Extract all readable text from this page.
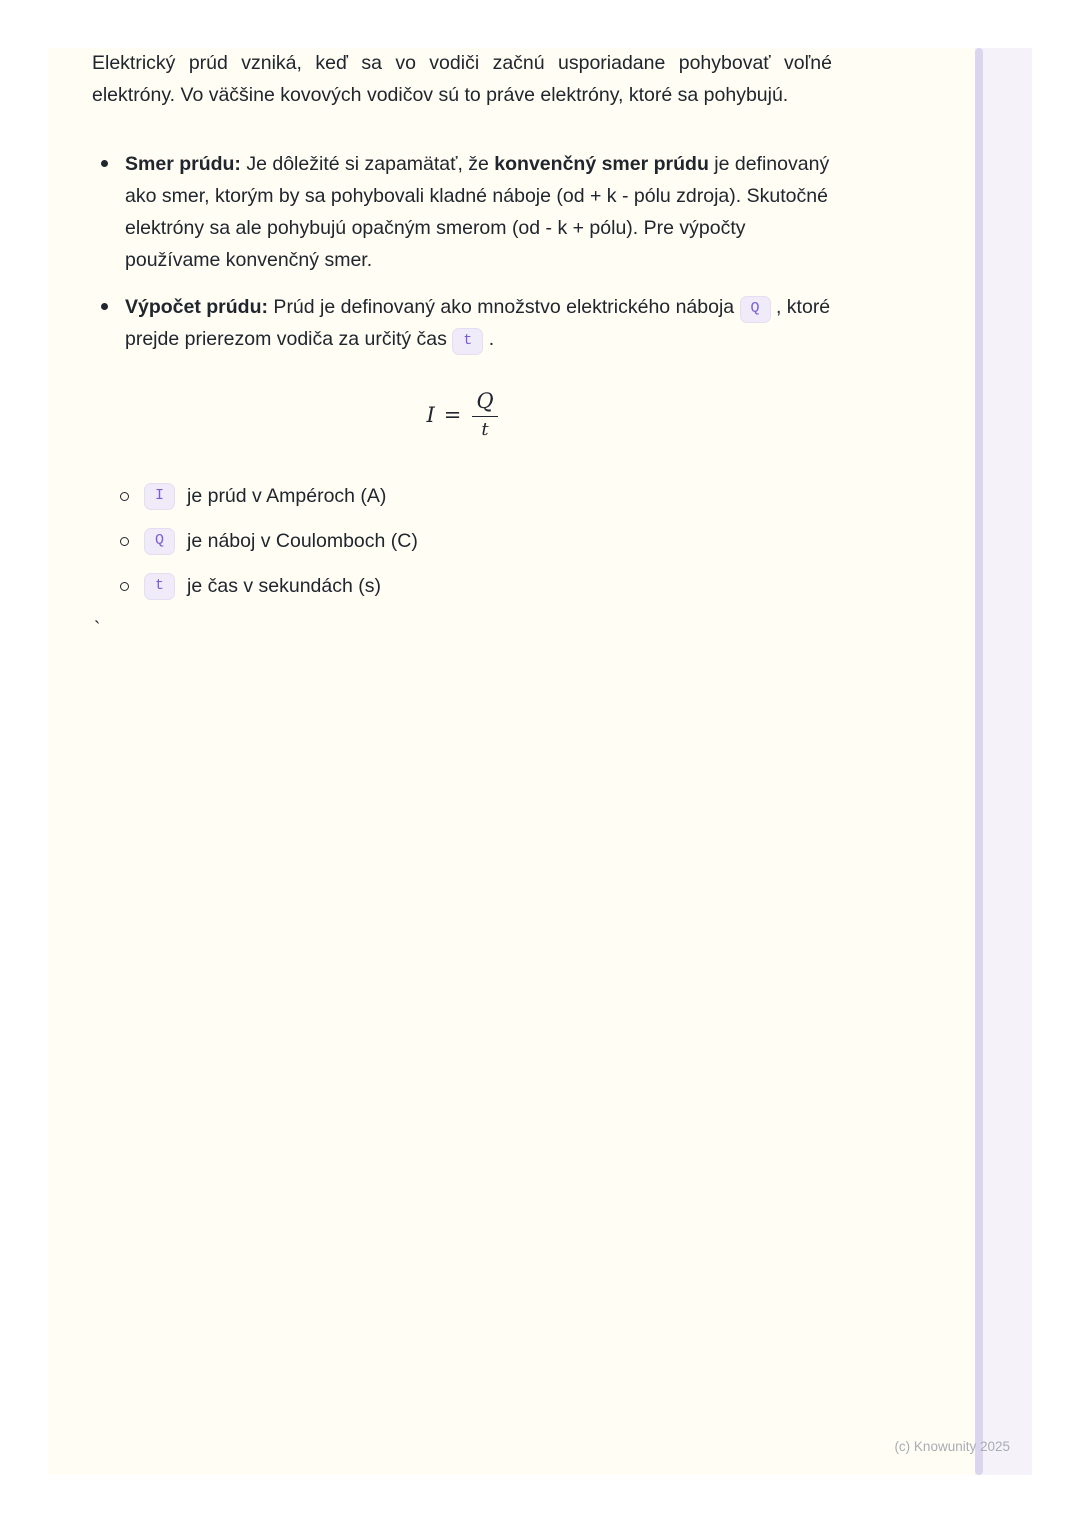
Elektrický prúd vzniká, keď sa vo vodiči začnú usporiadane pohybovať voľné elektróny. Vo väčšine kovových vodičov sú to práve elektróny, ktoré sa pohybujú.

Smer prúdu: Je dôležité si zapamätať, že konvenčný smer prúdu je definovaný ako smer, ktorým by sa pohybovali kladné náboje (od + k - pólu zdroja). Skutočné elektróny sa ale pohybujú opačným smerom (od - k + pólu). Pre výpočty používame konvenčný smer.
Výpočet prúdu: Prúd je definovaný ako množstvo elektrického náboja Q , ktoré prejde prierezom vodiča za určitý čas t .
$I = \frac{Q}{t}$
I	je prúd v Ampéroch (A)
Q	je náboj v Coulomboch (C)
t	je čas v sekundách (s)
`
(c) Knowunity 2025
